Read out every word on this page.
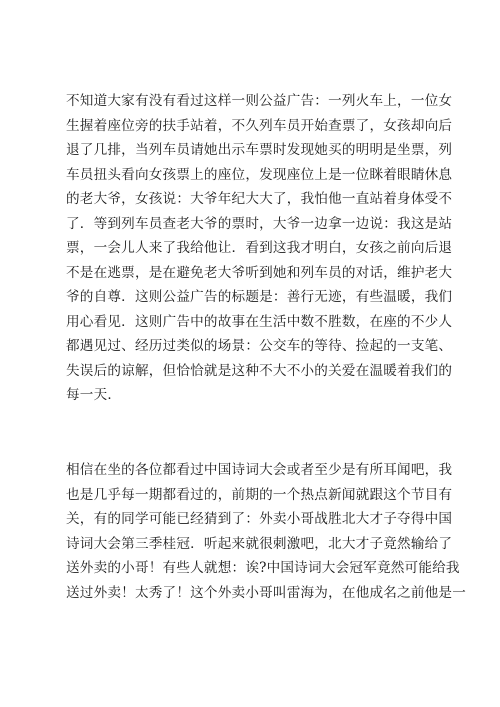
不知道大家有没有看过这样一则公益广告：一列火车上，一位女
生握着座位旁的扶手站着，不久列车员开始查票了，女孩却向后
退了几排，当列车员请她出示车票时发现她买的明明是坐票，列
车员扭头看向女孩票上的座位，发现座位上是一位眯着眼睛休息
的老大爷，女孩说：大爷年纪大大了，我怕他一直站着身体受不
了．等到列车员查老大爷的票时，大爷一边拿一边说：我这是站
票，一会儿人来了我给他让．看到这我才明白，女孩之前向后退
不是在逃票，是在避免老大爷听到她和列车员的对话，维护老大
爷的自尊．这则公益广告的标题是：善行无迹，有些温暖，我们
用心看见．这则广告中的故事在生活中数不胜数，在座的不少人
都遇见过、经历过类似的场景：公交车的等待、捡起的一支笔、
失误后的谅解，但恰恰就是这种不大不小的关爱在温暖着我们的
每一天．
相信在坐的各位都看过中国诗词大会或者至少是有所耳闻吧，我
也是几乎每一期都看过的，前期的一个热点新闻就跟这个节目有
关，有的同学可能已经猜到了：外卖小哥战胜北大才子夺得中国
诗词大会第三季桂冠．听起来就很刺激吧，北大才子竟然输给了
送外卖的小哥！有些人就想：诶?中国诗词大会冠军竟然可能给我
送过外卖！太秀了！这个外卖小哥叫雷海为，在他成名之前他是一
